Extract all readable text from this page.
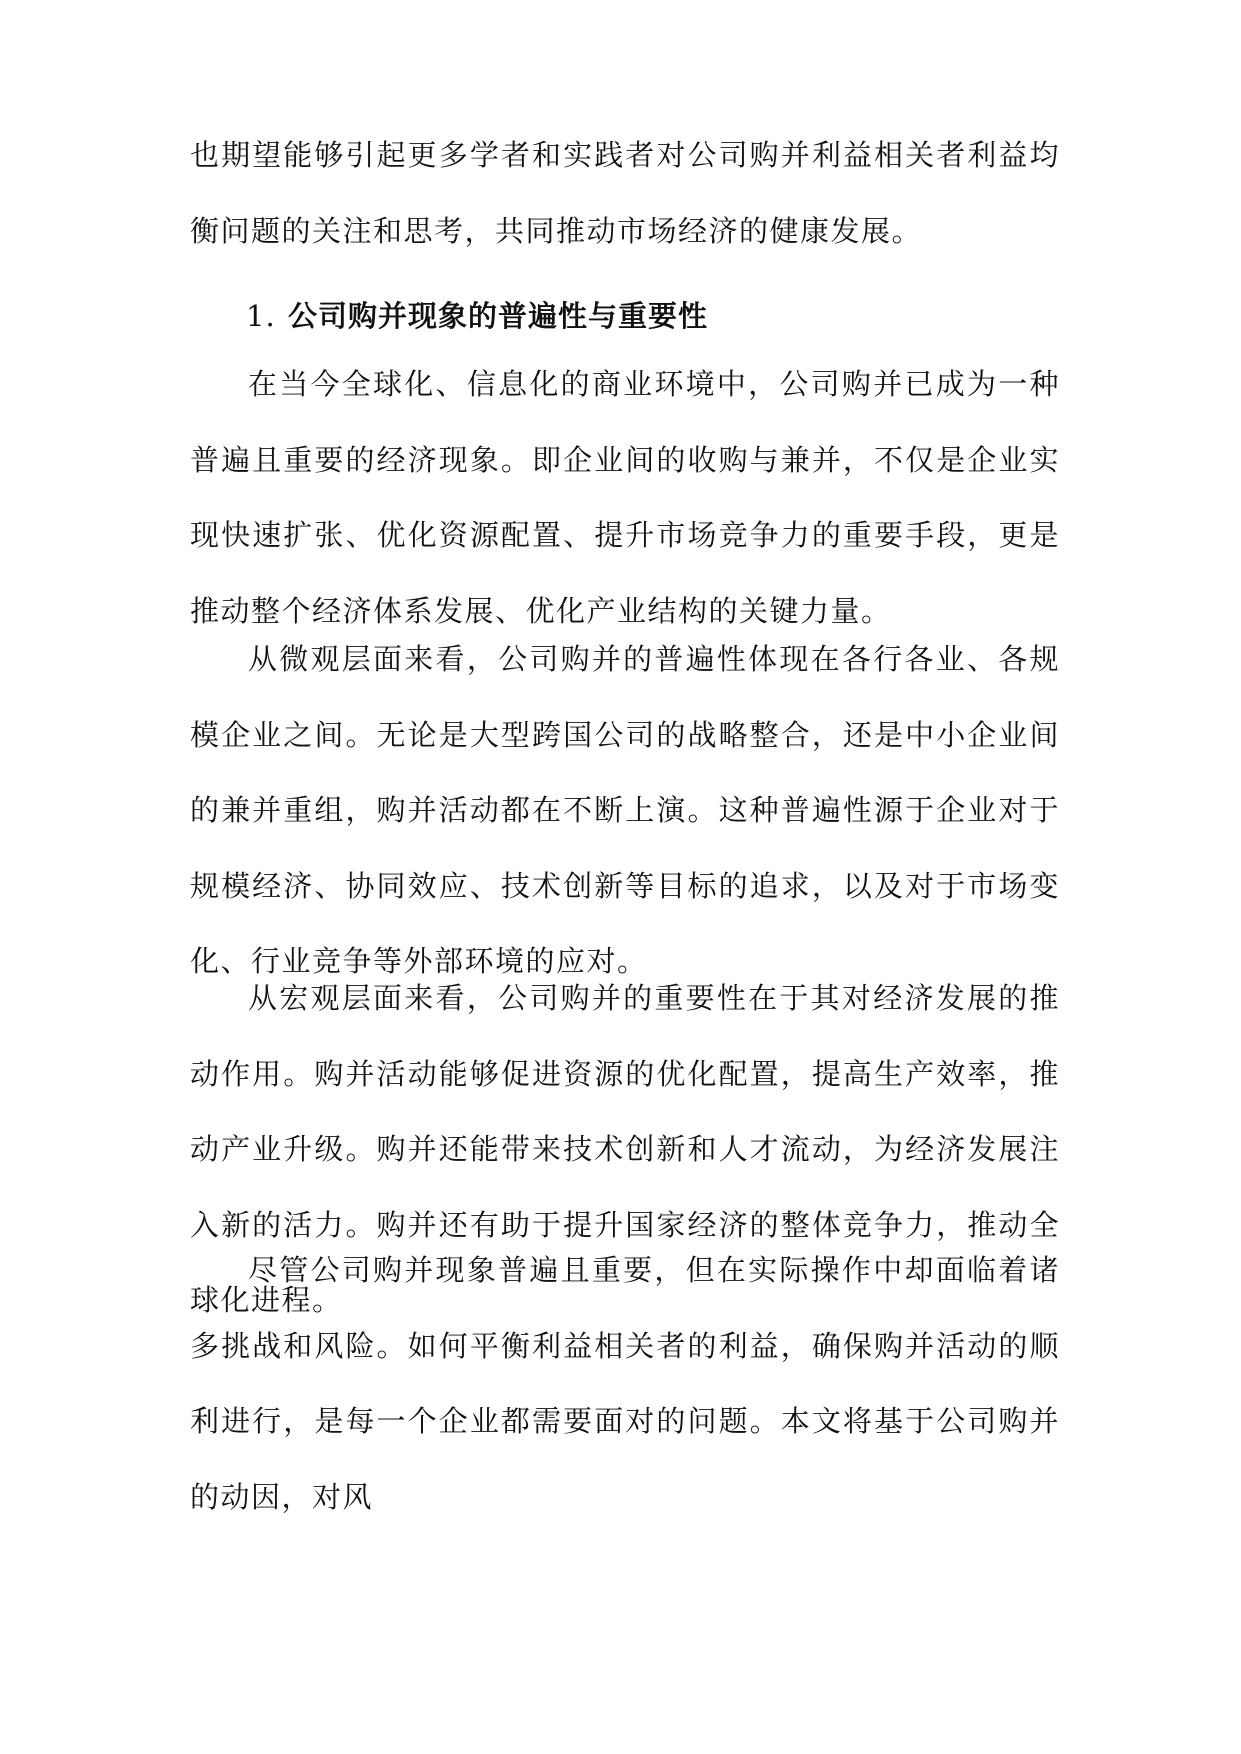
也期望能够引起更多学者和实践者对公司购并利益相关者利益均衡问题的关注和思考，共同推动市场经济的健康发展。

1. 公司购并现象的普遍性与重要性

在当今全球化、信息化的商业环境中，公司购并已成为一种普遍且重要的经济现象。即企业间的收购与兼并，不仅是企业实现快速扩张、优化资源配置、提升市场竞争力的重要手段，更是推动整个经济体系发展、优化产业结构的关键力量。

从微观层面来看，公司购并的普遍性体现在各行各业、各规模企业之间。无论是大型跨国公司的战略整合，还是中小企业间的兼并重组，购并活动都在不断上演。这种普遍性源于企业对于规模经济、协同效应、技术创新等目标的追求，以及对于市场变化、行业竞争等外部环境的应对。

从宏观层面来看，公司购并的重要性在于其对经济发展的推动作用。购并活动能够促进资源的优化配置，提高生产效率，推动产业升级。购并还能带来技术创新和人才流动，为经济发展注入新的活力。购并还有助于提升国家经济的整体竞争力，推动全球化进程。

尽管公司购并现象普遍且重要，但在实际操作中却面临着诸多挑战和风险。如何平衡利益相关者的利益，确保购并活动的顺利进行，是每一个企业都需要面对的问题。本文将基于公司购并的动因，对风
